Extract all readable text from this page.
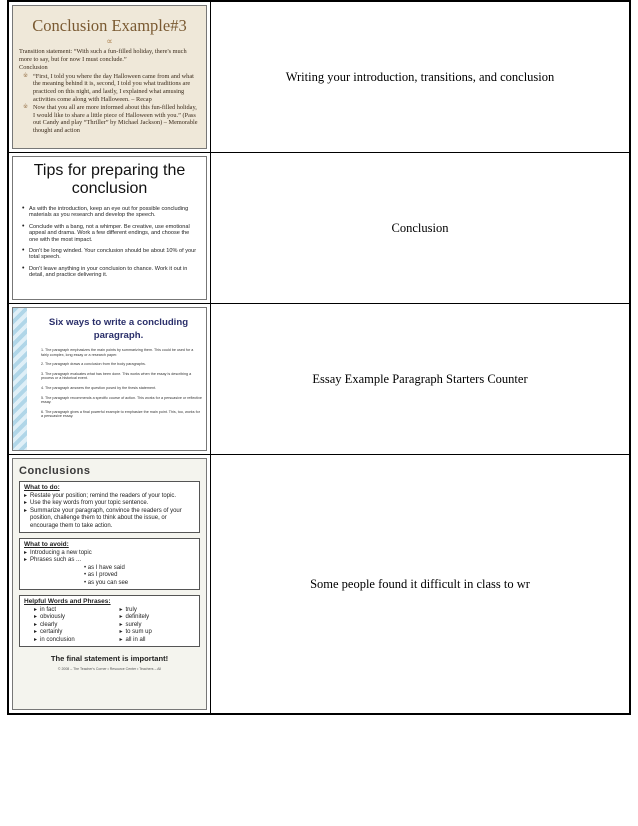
Conclusion Example#3
∝

Transition statement: “With such a fun-filled holiday, there's much more to say, but for now I must conclude.”

Conclusion

※ “First, I told you where the day Halloween came from and what the meaning behind it is, second, I told you what traditions are practiced on this night, and lastly, I explained what amusing activities come along with Halloween. – Recap

※ Now that you all are more informed about this fun-filled holiday, I would like to share a little piece of Halloween with you.” (Pass out Candy and play “Thriller” by Michael Jackson) – Memorable thought and action

Writing your introduction, transitions, and conclusion
Tips for preparing the conclusion
• As with the introduction, keep an eye out for possible concluding materials as you research and develop the speech.
• Conclude with a bang, not a whimper. Be creative, use emotional appeal and drama. Work a few different endings, and choose the one with the most impact.
• Don't be long winded. Your conclusion should be about 10% of your total speech.
• Don't leave anything in your conclusion to chance. Work it out in detail, and practice delivering it.
Conclusion
Six ways to write a concluding paragraph.
1. The paragraph emphasizes the main points by summarizing them. This could be used for a fairly complex, long essay or a research paper.
2. The paragraph draws a conclusion from the body paragraphs.
3. The paragraph evaluates what has been done. This works when the essay is describing a process or a historical event.
4. The paragraph answers the question posed by the thesis statement.
5. The paragraph recommends a specific course of action. This works for a persuasive or reflective essay.
6. The paragraph gives a final powerful example to emphasize the main point. This, too, works for a persuasive essay.
Essay Example Paragraph Starters Counter
Conclusions
What to do:
▸ Restate your position; remind the readers of your topic.
▸ Use the key words from your topic sentence.
▸ Summarize your paragraph, convince the readers of your position, challenge them to think about the issue, or encourage them to take action.
What to avoid:
▸ Introducing a new topic
▸ Phrases such as ...
• as I have said
• as I proved
• as you can see
Helpful Words and Phrases:
▸ in fact
▸ obviously
▸ clearly
▸ certainly
▸ in conclusion
▸ truly
▸ definitely
▸ surely
▸ to sum up
▸ all in all
The final statement is important!
© 2008 – The Teacher's Corner • Resource Center • Teachers – All
Some people found it difficult in class to wr
